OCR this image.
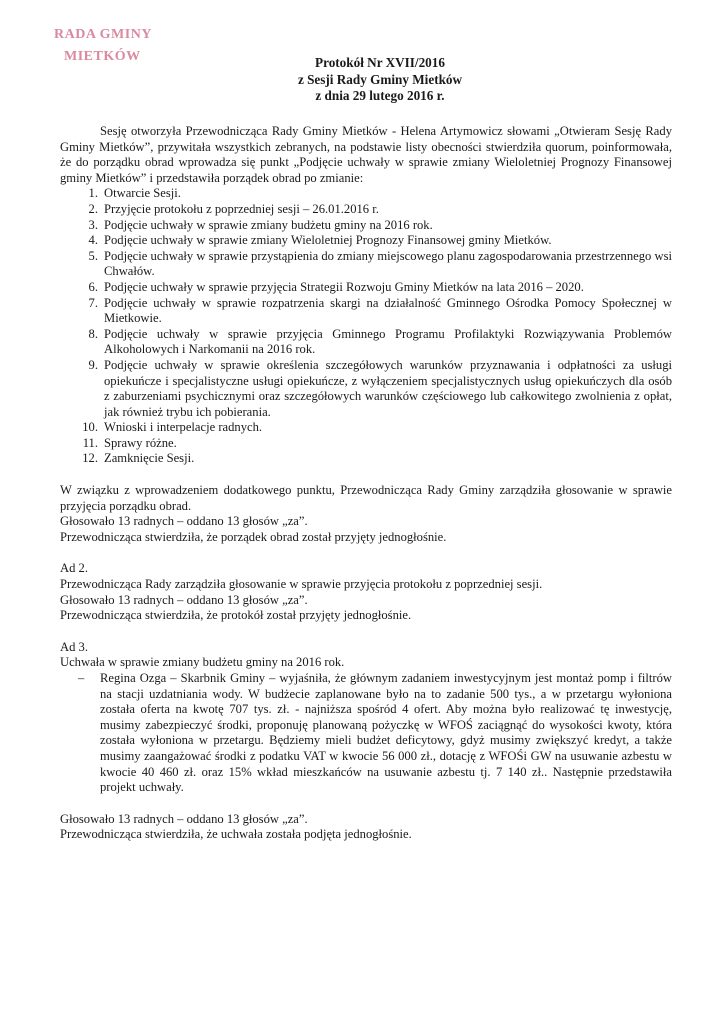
RADA GMINY
MIETKÓW	Protokół Nr XVII/2016
z Sesji Rady Gminy Mietków
z dnia 29 lutego 2016 r.

Sesję otworzyła Przewodnicząca Rady Gminy Mietków - Helena Artymowicz słowami „Otwieram Sesję Rady Gminy Mietków”, przywitała wszystkich zebranych, na podstawie listy obecności stwierdziła quorum, poinformowała, że do porządku obrad wprowadza się punkt „Podjęcie uchwały w sprawie zmiany Wieloletniej Prognozy Finansowej gminy Mietków” i przedstawiła porządek obrad po zmianie:

1. Otwarcie Sesji.
2. Przyjęcie protokołu z poprzedniej sesji – 26.01.2016 r.
3. Podjęcie uchwały w sprawie zmiany budżetu gminy na 2016 rok.
4. Podjęcie uchwały w sprawie zmiany Wieloletniej Prognozy Finansowej gminy Mietków.
5. Podjęcie uchwały w sprawie przystąpienia do zmiany miejscowego planu zagospodarowania przestrzennego wsi Chwałów.
6. Podjęcie uchwały w sprawie przyjęcia Strategii Rozwoju Gminy Mietków na lata 2016 – 2020.
7. Podjęcie uchwały w sprawie rozpatrzenia skargi na działalność Gminnego Ośrodka Pomocy Społecznej w Mietkowie.
8. Podjęcie uchwały w sprawie przyjęcia Gminnego Programu Profilaktyki Rozwiązywania Problemów Alkoholowych i Narkomanii na 2016 rok.
9. Podjęcie uchwały w sprawie określenia szczegółowych warunków przyznawania i odpłatności za usługi opiekuńcze i specjalistyczne usługi opiekuńcze, z wyłączeniem specjalistycznych usług opiekuńczych dla osób z zaburzeniami psychicznymi oraz szczegółowych warunków częściowego lub całkowitego zwolnienia z opłat, jak również trybu ich pobierania.
10. Wnioski i interpelacje radnych.
11. Sprawy różne.
12. Zamknięcie Sesji.

W związku z wprowadzeniem dodatkowego punktu, Przewodnicząca Rady Gminy zarządziła głosowanie w sprawie przyjęcia porządku obrad.

Głosowało 13 radnych – oddano 13 głosów „za”.

Przewodnicząca stwierdziła, że porządek obrad został przyjęty jednogłośnie.

Ad 2.

Przewodnicząca Rady zarządziła głosowanie w sprawie przyjęcia protokołu z poprzedniej sesji.

Głosowało 13 radnych – oddano 13 głosów „za”.

Przewodnicząca stwierdziła, że protokół został przyjęty jednogłośnie.

Ad 3.

Uchwała w sprawie zmiany budżetu gminy na 2016 rok.

– Regina Ozga – Skarbnik Gminy – wyjaśniła, że głównym zadaniem inwestycyjnym jest montaż pomp i filtrów na stacji uzdatniania wody. W budżecie zaplanowane było na to zadanie 500 tys., a w przetargu wyłoniona została oferta na kwotę 707 tys. zł. - najniższa spośród 4 ofert. Aby można było realizować tę inwestycję, musimy zabezpieczyć środki, proponuję planowaną pożyczkę w WFOŚ zaciągnąć do wysokości kwoty, która została wyłoniona w przetargu. Będziemy mieli budżet deficytowy, gdyż musimy zwiększyć kredyt, a także musimy zaangażować środki z podatku VAT w kwocie 56 000 zł., dotację z WFOŚi GW na usuwanie azbestu w kwocie 40 460 zł. oraz 15% wkład mieszkańców na usuwanie azbestu tj. 7 140 zł.. Następnie przedstawiła projekt uchwały.

Głosowało 13 radnych – oddano 13 głosów „za”.

Przewodnicząca stwierdziła, że uchwała została podjęta jednogłośnie.
